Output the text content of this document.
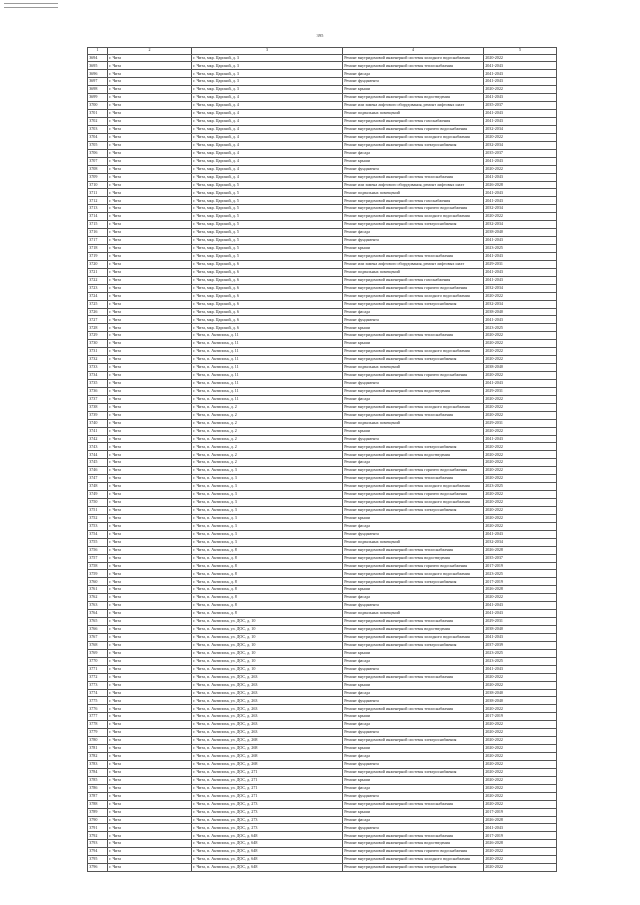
395
1	2	3	4	5
3694	г. Чита	г. Чита, мкр. Царский, д. 3	Ремонт внутридомовой инженерной системы холодного водоснабжения	2020-2022
3695	г. Чита	г. Чита, мкр. Царский, д. 3	Ремонт внутридомовой инженерной системы теплоснабжения	2041-2043
3696	г. Чита	г. Чита, мкр. Царский, д. 3	Ремонт фасада	2041-2043
3697	г. Чита	г. Чита, мкр. Царский, д. 3	Ремонт фундамента	2041-2043
3698	г. Чита	г. Чита, мкр. Царский, д. 3	Ремонт крыши	2020-2022
3699	г. Чита	г. Чита, мкр. Царский, д. 4	Ремонт внутридомовой инженерной системы водоотведения	2041-2043
3700	г. Чита	г. Чита, мкр. Царский, д. 4	Ремонт или замена лифтового оборудования, ремонт лифтовых шахт	2035-2037
3701	г. Чита	г. Чита, мкр. Царский, д. 4	Ремонт подвальных помещений	2041-2043
3702	г. Чита	г. Чита, мкр. Царский, д. 4	Ремонт внутридомовой инженерной системы газоснабжения	2041-2043
3703	г. Чита	г. Чита, мкр. Царский, д. 4	Ремонт внутридомовой инженерной системы горячего водоснабжения	2032-2034
3704	г. Чита	г. Чита, мкр. Царский, д. 4	Ремонт внутридомовой инженерной системы холодного водоснабжения	2020-2022
3705	г. Чита	г. Чита, мкр. Царский, д. 4	Ремонт внутридомовой инженерной системы электроснабжения	2032-2034
3706	г. Чита	г. Чита, мкр. Царский, д. 4	Ремонт фасада	2035-2037
3707	г. Чита	г. Чита, мкр. Царский, д. 4	Ремонт крыши	2041-2043
3708	г. Чита	г. Чита, мкр. Царский, д. 4	Ремонт фундамента	2020-2022
3709	г. Чита	г. Чита, мкр. Царский, д. 4	Ремонт внутридомовой инженерной системы теплоснабжения	2041-2043
3710	г. Чита	г. Чита, мкр. Царский, д. 5	Ремонт или замена лифтового оборудования, ремонт лифтовых шахт	2026-2028
3711	г. Чита	г. Чита, мкр. Царский, д. 5	Ремонт подвальных помещений	2041-2043
3712	г. Чита	г. Чита, мкр. Царский, д. 5	Ремонт внутридомовой инженерной системы газоснабжения	2041-2043
3713	г. Чита	г. Чита, мкр. Царский, д. 5	Ремонт внутридомовой инженерной системы горячего водоснабжения	2032-2034
3714	г. Чита	г. Чита, мкр. Царский, д. 5	Ремонт внутридомовой инженерной системы холодного водоснабжения	2020-2022
3715	г. Чита	г. Чита, мкр. Царский, д. 5	Ремонт внутридомовой инженерной системы электроснабжения	2032-2034
3716	г. Чита	г. Чита, мкр. Царский, д. 5	Ремонт фасада	2038-2040
3717	г. Чита	г. Чита, мкр. Царский, д. 5	Ремонт фундамента	2041-2043
3718	г. Чита	г. Чита, мкр. Царский, д. 5	Ремонт крыши	2023-2025
3719	г. Чита	г. Чита, мкр. Царский, д. 5	Ремонт внутридомовой инженерной системы теплоснабжения	2041-2043
3720	г. Чита	г. Чита, мкр. Царский, д. 6	Ремонт или замена лифтового оборудования, ремонт лифтовых шахт	2029-2031
3721	г. Чита	г. Чита, мкр. Царский, д. 6	Ремонт подвальных помещений	2041-2043
3722	г. Чита	г. Чита, мкр. Царский, д. 6	Ремонт внутридомовой инженерной системы газоснабжения	2041-2043
3723	г. Чита	г. Чита, мкр. Царский, д. 6	Ремонт внутридомовой инженерной системы горячего водоснабжения	2032-2034
3724	г. Чита	г. Чита, мкр. Царский, д. 6	Ремонт внутридомовой инженерной системы холодного водоснабжения	2020-2022
3725	г. Чита	г. Чита, мкр. Царский, д. 6	Ремонт внутридомовой инженерной системы электроснабжения	2032-2034
3726	г. Чита	г. Чита, мкр. Царский, д. 6	Ремонт фасада	2038-2040
3727	г. Чита	г. Чита, мкр. Царский, д. 6	Ремонт фундамента	2041-2043
3728	г. Чита	г. Чита, мкр. Царский, д. 6	Ремонт крыши	2023-2025
3729	г. Чита	г. Чита, п. Антипиха, д. 11	Ремонт внутридомовой инженерной системы теплоснабжения	2020-2022
3730	г. Чита	г. Чита, п. Антипиха, д. 11	Ремонт крыши	2020-2022
3731	г. Чита	г. Чита, п. Антипиха, д. 11	Ремонт внутридомовой инженерной системы холодного водоснабжения	2020-2022
3732	г. Чита	г. Чита, п. Антипиха, д. 11	Ремонт внутридомовой инженерной системы электроснабжения	2020-2022
3733	г. Чита	г. Чита, п. Антипиха, д. 11	Ремонт подвальных помещений	2038-2040
3734	г. Чита	г. Чита, п. Антипиха, д. 11	Ремонт внутридомовой инженерной системы горячего водоснабжения	2020-2022
3735	г. Чита	г. Чита, п. Антипиха, д. 11	Ремонт фундамента	2041-2043
3736	г. Чита	г. Чита, п. Антипиха, д. 11	Ремонт внутридомовой инженерной системы водоотведения	2029-2031
3737	г. Чита	г. Чита, п. Антипиха, д. 11	Ремонт фасада	2020-2022
3738	г. Чита	г. Чита, п. Антипиха, д. 2	Ремонт внутридомовой инженерной системы холодного водоснабжения	2020-2022
3739	г. Чита	г. Чита, п. Антипиха, д. 2	Ремонт внутридомовой инженерной системы теплоснабжения	2020-2022
3740	г. Чита	г. Чита, п. Антипиха, д. 2	Ремонт подвальных помещений	2029-2031
3741	г. Чита	г. Чита, п. Антипиха, д. 2	Ремонт крыши	2020-2022
3742	г. Чита	г. Чита, п. Антипиха, д. 2	Ремонт фундамента	2041-2043
3743	г. Чита	г. Чита, п. Антипиха, д. 2	Ремонт внутридомовой инженерной системы электроснабжения	2020-2022
3744	г. Чита	г. Чита, п. Антипиха, д. 2	Ремонт внутридомовой инженерной системы водоотведения	2020-2022
3745	г. Чита	г. Чита, п. Антипиха, д. 2	Ремонт фасада	2020-2022
3746	г. Чита	г. Чита, п. Антипиха, д. 3	Ремонт внутридомовой инженерной системы горячего водоснабжения	2020-2022
3747	г. Чита	г. Чита, п. Антипиха, д. 3	Ремонт внутридомовой инженерной системы теплоснабжения	2020-2022
3748	г. Чита	г. Чита, п. Антипиха, д. 3	Ремонт внутридомовой инженерной системы холодного водоснабжения	2023-2025
3749	г. Чита	г. Чита, п. Антипиха, д. 3	Ремонт внутридомовой инженерной системы горячего водоснабжения	2020-2022
3750	г. Чита	г. Чита, п. Антипиха, д. 3	Ремонт внутридомовой инженерной системы холодного водоснабжения	2020-2022
3751	г. Чита	г. Чита, п. Антипиха, д. 3	Ремонт внутридомовой инженерной системы электроснабжения	2020-2022
3752	г. Чита	г. Чита, п. Антипиха, д. 3	Ремонт крыши	2020-2022
3753	г. Чита	г. Чита, п. Антипиха, д. 3	Ремонт фасада	2020-2022
3754	г. Чита	г. Чита, п. Антипиха, д. 3	Ремонт фундамента	2041-2043
3755	г. Чита	г. Чита, п. Антипиха, д. 3	Ремонт подвальных помещений	2032-2034
3756	г. Чита	г. Чита, п. Антипиха, д. 8	Ремонт внутридомовой инженерной системы теплоснабжения	2026-2028
3757	г. Чита	г. Чита, п. Антипиха, д. 8	Ремонт внутридомовой инженерной системы водоотведения	2035-2037
3758	г. Чита	г. Чита, п. Антипиха, д. 8	Ремонт внутридомовой инженерной системы горячего водоснабжения	2017-2019
3759	г. Чита	г. Чита, п. Антипиха, д. 8	Ремонт внутридомовой инженерной системы холодного водоснабжения	2023-2025
3760	г. Чита	г. Чита, п. Антипиха, д. 8	Ремонт внутридомовой инженерной системы электроснабжения	2017-2019
3761	г. Чита	г. Чита, п. Антипиха, д. 8	Ремонт крыши	2026-2028
3762	г. Чита	г. Чита, п. Антипиха, д. 8	Ремонт фасада	2020-2022
3763	г. Чита	г. Чита, п. Антипиха, д. 8	Ремонт фундамента	2041-2043
3764	г. Чита	г. Чита, п. Антипиха, д. 8	Ремонт подвальных помещений	2041-2043
3765	г. Чита	г. Чита, п. Антипиха, ул. ДОС, д. 10	Ремонт внутридомовой инженерной системы теплоснабжения	2029-2031
3766	г. Чита	г. Чита, п. Антипиха, ул. ДОС, д. 10	Ремонт внутридомовой инженерной системы водоотведения	2038-2040
3767	г. Чита	г. Чита, п. Антипиха, ул. ДОС, д. 10	Ремонт внутридомовой инженерной системы холодного водоснабжения	2041-2043
3768	г. Чита	г. Чита, п. Антипиха, ул. ДОС, д. 10	Ремонт внутридомовой инженерной системы электроснабжения	2037-2039
3769	г. Чита	г. Чита, п. Антипиха, ул. ДОС, д. 10	Ремонт крыши	2023-2025
3770	г. Чита	г. Чита, п. Антипиха, ул. ДОС, д. 10	Ремонт фасада	2023-2025
3771	г. Чита	г. Чита, п. Антипиха, ул. ДОС, д. 10	Ремонт фундамента	2041-2043
3772	г. Чита	г. Чита, п. Антипиха, ул. ДОС, д. 263	Ремонт внутридомовой инженерной системы теплоснабжения	2020-2022
3773	г. Чита	г. Чита, п. Антипиха, ул. ДОС, д. 263	Ремонт крыши	2020-2022
3774	г. Чита	г. Чита, п. Антипиха, ул. ДОС, д. 263	Ремонт фасада	2038-2040
3775	г. Чита	г. Чита, п. Антипиха, ул. ДОС, д. 263	Ремонт фундамента	2038-2040
3776	г. Чита	г. Чита, п. Антипиха, ул. ДОС, д. 263	Ремонт внутридомовой инженерной системы теплоснабжения	2020-2022
3777	г. Чита	г. Чита, п. Антипиха, ул. ДОС, д. 263	Ремонт крыши	2017-2019
3778	г. Чита	г. Чита, п. Антипиха, ул. ДОС, д. 263	Ремонт фасада	2020-2022
3779	г. Чита	г. Чита, п. Антипиха, ул. ДОС, д. 263	Ремонт фундамента	2020-2022
3780	г. Чита	г. Чита, п. Антипиха, ул. ДОС, д. 268	Ремонт внутридомовой инженерной системы электроснабжения	2020-2022
3781	г. Чита	г. Чита, п. Антипиха, ул. ДОС, д. 268	Ремонт крыши	2020-2022
3782	г. Чита	г. Чита, п. Антипиха, ул. ДОС, д. 268	Ремонт фасада	2020-2022
3783	г. Чита	г. Чита, п. Антипиха, ул. ДОС, д. 268	Ремонт фундамента	2020-2022
3784	г. Чита	г. Чита, п. Антипиха, ул. ДОС, д. 271	Ремонт внутридомовой инженерной системы электроснабжения	2020-2022
3785	г. Чита	г. Чита, п. Антипиха, ул. ДОС, д. 271	Ремонт крыши	2020-2022
3786	г. Чита	г. Чита, п. Антипиха, ул. ДОС, д. 271	Ремонт фасада	2020-2022
3787	г. Чита	г. Чита, п. Антипиха, ул. ДОС, д. 271	Ремонт фундамента	2020-2022
3788	г. Чита	г. Чита, п. Антипиха, ул. ДОС, д. 273	Ремонт внутридомовой инженерной системы теплоснабжения	2020-2022
3789	г. Чита	г. Чита, п. Антипиха, ул. ДОС, д. 273	Ремонт крыши	2017-2019
3790	г. Чита	г. Чита, п. Антипиха, ул. ДОС, д. 273	Ремонт фасада	2026-2028
3791	г. Чита	г. Чита, п. Антипиха, ул. ДОС, д. 273	Ремонт фундамента	2041-2043
3792	г. Чита	г. Чита, п. Антипиха, ул. ДОС, д. 648	Ремонт внутридомовой инженерной системы теплоснабжения	2017-2019
3793	г. Чита	г. Чита, п. Антипиха, ул. ДОС, д. 648	Ремонт внутридомовой инженерной системы водоотведения	2026-2028
3794	г. Чита	г. Чита, п. Антипиха, ул. ДОС, д. 648	Ремонт внутридомовой инженерной системы горячего водоснабжения	2020-2022
3795	г. Чита	г. Чита, п. Антипиха, ул. ДОС, д. 648	Ремонт внутридомовой инженерной системы холодного водоснабжения	2020-2022
3796	г. Чита	г. Чита, п. Антипиха, ул. ДОС, д. 648	Ремонт внутридомовой инженерной системы электроснабжения	2020-2022
